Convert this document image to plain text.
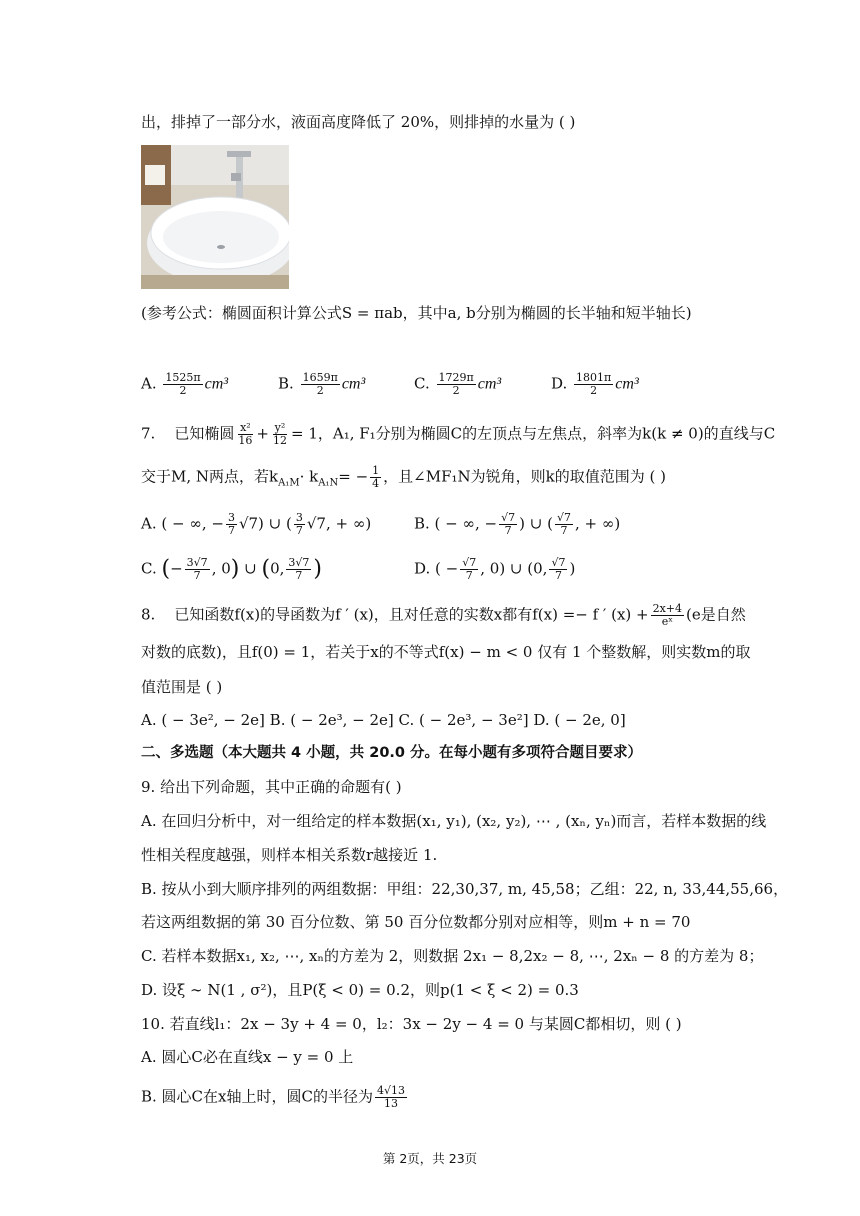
出，排掉了一部分水，液面高度降低了 20%，则排掉的水量为 ( )
(参考公式：椭圆面积计算公式S = πab，其中a, b分别为椭圆的长半轴和短半轴长)
A. $\frac{1525\pi}{2} cm^3$	B. $\frac{1659\pi}{2} cm^3$	C. $\frac{1729\pi}{2} cm^3$	D. $\frac{1801\pi}{2} cm^3$
7. 已知椭圆 $\frac{\text{x²}}{16} + \frac{\text{y²}}{12} = 1$，A₁, F₁分别为椭圆C的左顶点与左焦点，斜率为k(k ≠ 0)的直线与C
交于M, N两点，若$k_{A_1M}\cdot k_{A_1N}= - \frac{1}{4}$ ，且∠MF₁N为锐角，则k的取值范围为 ( )
A. ( − ∞, − $\frac{3}{7} √7$) ∪ ( $\frac{3}{7} √7$, + ∞)	B. ( − ∞, − $\frac{√7}{7}$ ) ∪ ( $\frac{√7}{7}$ , + ∞)
C. (− $\frac{3√7}{7}$ , 0) ∪ (0, $\frac{3√7}{7}$ )	D. ( − $\frac{√7}{7}$ , 0) ∪ (0, $\frac{√7}{7}$ )
8. 已知函数f(x)的导函数为f ′ (x)，且对任意的实数x都有f(x) =− f ′ $(x) + \frac{2x+4}{\text{eˣ}} (e$是自然
对数的底数)，且f(0) = 1，若关于x的不等式f(x) − m < 0 仅有 1 个整数解，则实数m的取
值范围是 ( )
A. ( − 3e², − 2e] B. ( − 2e³, − 2e] C. ( − 2e³, − 3e²] D. ( − 2e, 0]
二、多选题（本大题共 4 小题，共 20.0 分。在每小题有多项符合题目要求）
9. 给出下列命题，其中正确的命题有( )
A. 在回归分析中，对一组给定的样本数据(x₁, y₁), (x₂, y₂), ⋯ , (xₙ, yₙ)而言，若样本数据的线
性相关程度越强，则样本相关系数r越接近 1.
B. 按从小到大顺序排列的两组数据：甲组：22,30,37, m, 45,58；乙组：22, n, 33,44,55,66，
若这两组数据的第 30 百分位数、第 50 百分位数都分别对应相等，则m + n = 70
C. 若样本数据x₁, x₂, ⋯, xₙ的方差为 2，则数据 2x₁ − 8,2x₂ − 8, ⋯, 2xₙ − 8 的方差为 8；
D. 设ξ ∼ N(1 , σ²)，且P(ξ < 0) = 0.2，则p(1 < ξ < 2) = 0.3
10. 若直线l₁：2x − 3y + 4 = 0，l₂：3x − 2y − 4 = 0 与某圆C都相切，则 ( )
A. 圆心C必在直线x − y = 0 上
B. 圆心C在x轴上时，圆C的半径为 $\frac{4√13}{13}$
第 2页，共 23页
